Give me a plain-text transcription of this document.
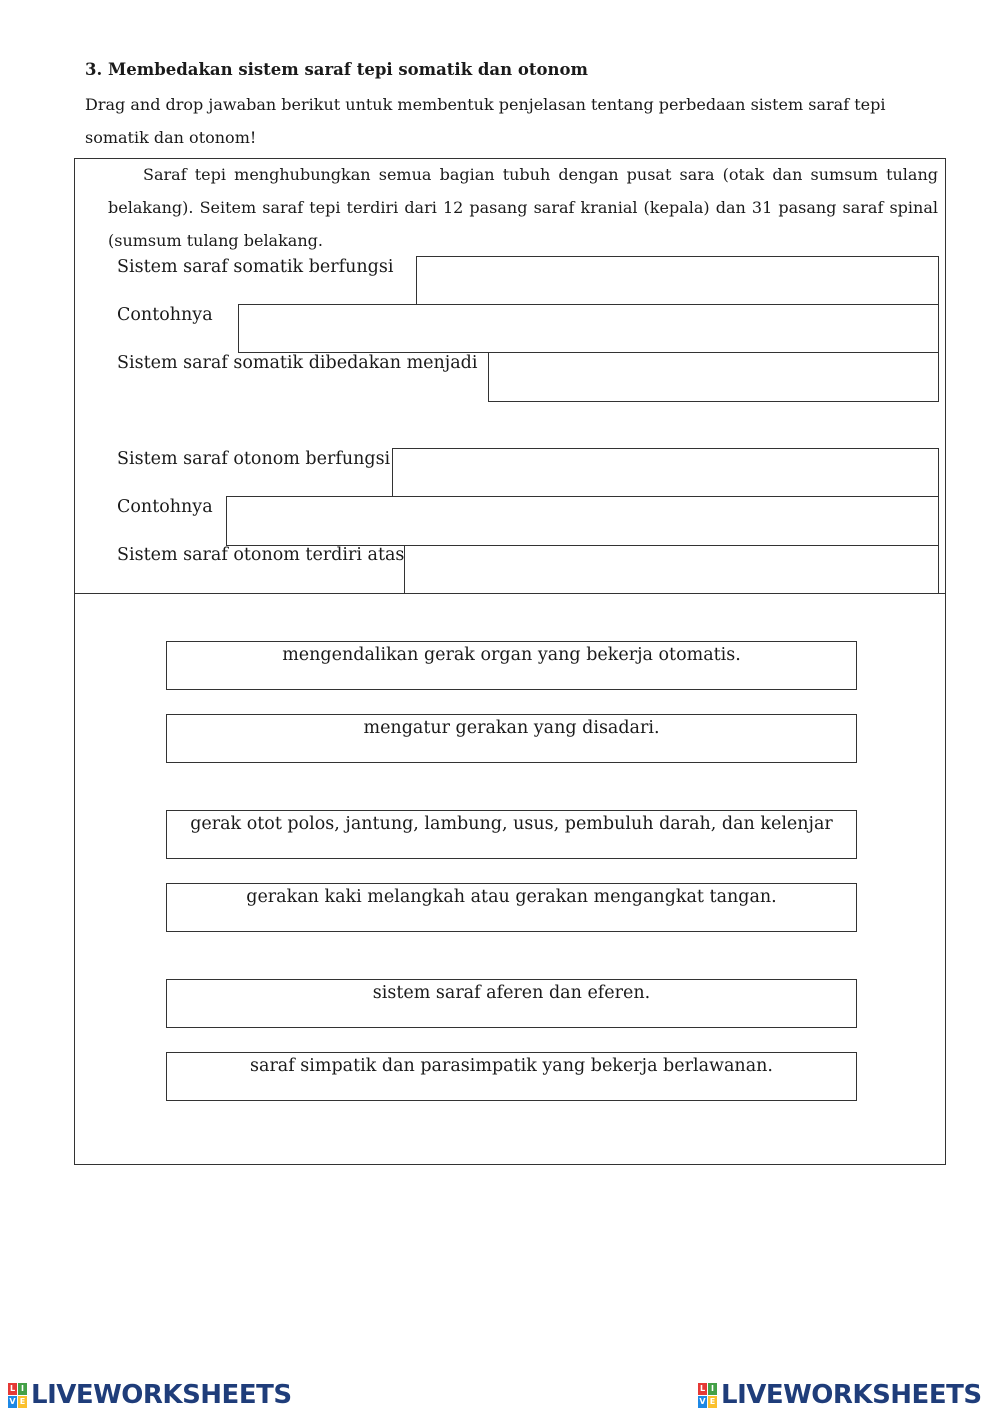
3. Membedakan sistem saraf tepi somatik dan otonom
Drag and drop jawaban berikut untuk membentuk penjelasan tentang perbedaan sistem saraf tepi somatik dan otonom!
Saraf tepi menghubungkan semua bagian tubuh dengan pusat sara (otak dan sumsum tulang
belakang). Seitem saraf tepi terdiri dari 12 pasang saraf kranial (kepala) dan 31 pasang saraf spinal (sumsum tulang belakang.
Sistem saraf somatik berfungsi
Contohnya
Sistem saraf somatik dibedakan menjadi
Sistem saraf otonom berfungsi
Contohnya
Sistem saraf otonom terdiri atas
mengendalikan gerak organ yang bekerja otomatis.
mengatur gerakan yang disadari.
gerak otot polos, jantung, lambung, usus, pembuluh darah, dan kelenjar
gerakan kaki melangkah atau gerakan mengangkat tangan.
sistem saraf aferen dan eferen.
saraf simpatik dan parasimpatik yang bekerja berlawanan.
L I
V E LIVEWORKSHEETS	L I
V E LIVEWORKSHEETS
